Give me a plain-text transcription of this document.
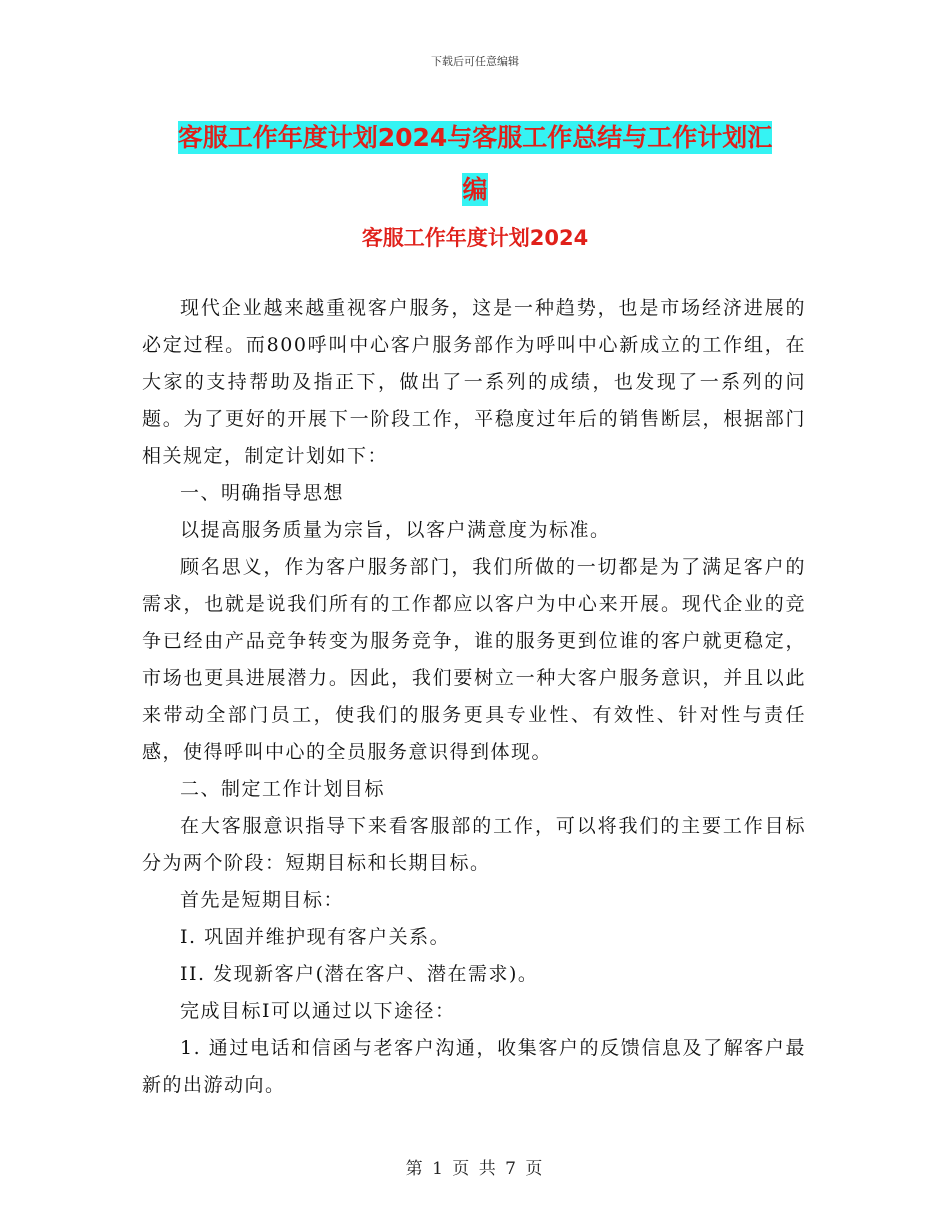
下载后可任意编辑
客服工作年度计划2024与客服工作总结与工作计划汇
编
客服工作年度计划2024

现代企业越来越重视客户服务，这是一种趋势，也是市场经济进展的必定过程。而800呼叫中心客户服务部作为呼叫中心新成立的工作组，在大家的支持帮助及指正下，做出了一系列的成绩，也发现了一系列的问题。为了更好的开展下一阶段工作，平稳度过年后的销售断层，根据部门相关规定，制定计划如下：

一、明确指导思想

以提高服务质量为宗旨，以客户满意度为标准。

顾名思义，作为客户服务部门，我们所做的一切都是为了满足客户的需求，也就是说我们所有的工作都应以客户为中心来开展。现代企业的竞争已经由产品竞争转变为服务竞争，谁的服务更到位谁的客户就更稳定，市场也更具进展潜力。因此，我们要树立一种大客户服务意识，并且以此来带动全部门员工，使我们的服务更具专业性、有效性、针对性与责任感，使得呼叫中心的全员服务意识得到体现。

二、制定工作计划目标

在大客服意识指导下来看客服部的工作，可以将我们的主要工作目标分为两个阶段：短期目标和长期目标。

首先是短期目标：

I. 巩固并维护现有客户关系。

II. 发现新客户(潜在客户、潜在需求)。

完成目标I可以通过以下途径：

1. 通过电话和信函与老客户沟通，收集客户的反馈信息及了解客户最新的出游动向。

第 1 页 共 7 页
